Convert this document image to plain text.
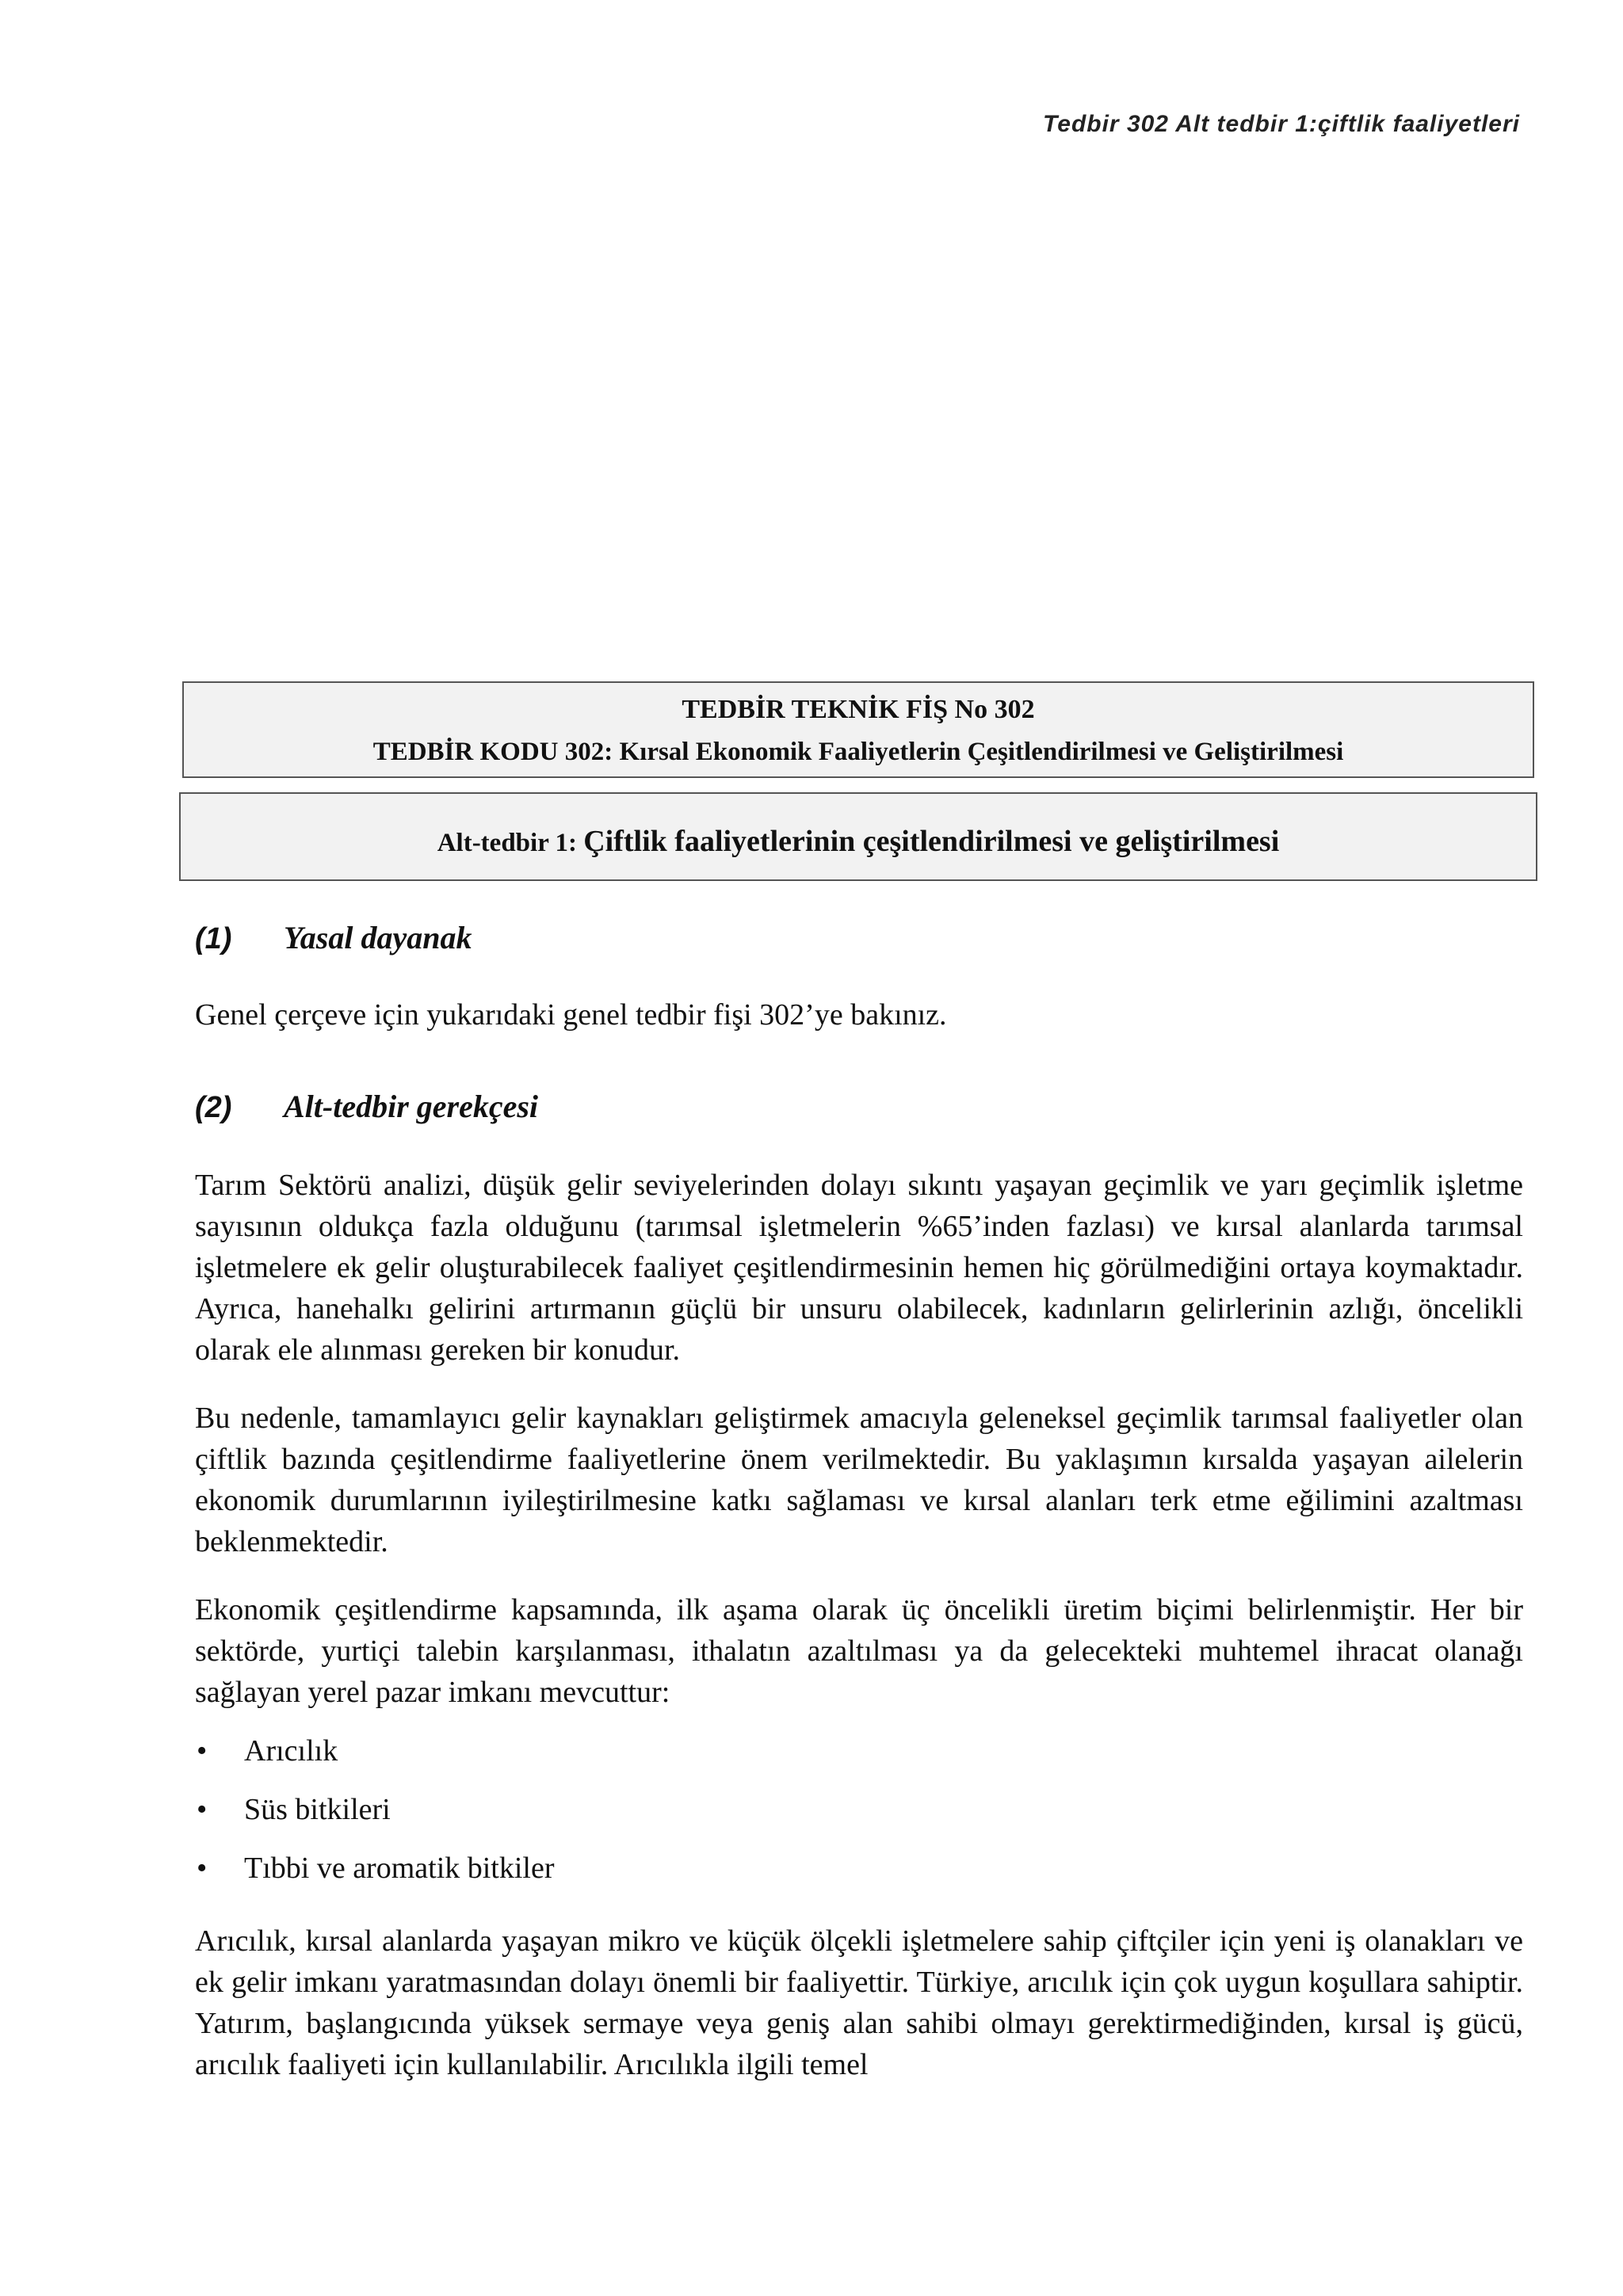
Tedbir 302 Alt tedbir 1:çiftlik faaliyetleri
TEDBİR TEKNİK FİŞ No 302
TEDBİR KODU 302: Kırsal Ekonomik Faaliyetlerin Çeşitlendirilmesi ve Geliştirilmesi
Alt-tedbir 1: Çiftlik faaliyetlerinin çeşitlendirilmesi ve geliştirilmesi
(1)	Yasal dayanak

Genel çerçeve için yukarıdaki genel tedbir fişi 302’ye bakınız.

(2)	Alt-tedbir gerekçesi

Tarım Sektörü analizi, düşük gelir seviyelerinden dolayı sıkıntı yaşayan geçimlik ve yarı geçimlik işletme sayısının oldukça fazla olduğunu (tarımsal işletmelerin %65’inden fazlası) ve kırsal alanlarda tarımsal işletmelere ek gelir oluşturabilecek faaliyet çeşitlendirmesinin hemen hiç görülmediğini ortaya koymaktadır. Ayrıca, hanehalkı gelirini artırmanın güçlü bir unsuru olabilecek, kadınların gelirlerinin azlığı, öncelikli olarak ele alınması gereken bir konudur.

Bu nedenle, tamamlayıcı gelir kaynakları geliştirmek amacıyla geleneksel geçimlik tarımsal faaliyetler olan çiftlik bazında çeşitlendirme faaliyetlerine önem verilmektedir. Bu yaklaşımın kırsalda yaşayan ailelerin ekonomik durumlarının iyileştirilmesine katkı sağlaması ve kırsal alanları terk etme eğilimini azaltması beklenmektedir.

Ekonomik çeşitlendirme kapsamında, ilk aşama olarak üç öncelikli üretim biçimi belirlenmiştir. Her bir sektörde, yurtiçi talebin karşılanması, ithalatın azaltılması ya da gelecekteki muhtemel ihracat olanağı sağlayan yerel pazar imkanı mevcuttur:

• Arıcılık
• Süs bitkileri
• Tıbbi ve aromatik bitkiler

Arıcılık, kırsal alanlarda yaşayan mikro ve küçük ölçekli işletmelere sahip çiftçiler için yeni iş olanakları ve ek gelir imkanı yaratmasından dolayı önemli bir faaliyettir. Türkiye, arıcılık için çok uygun koşullara sahiptir. Yatırım, başlangıcında yüksek sermaye veya geniş alan sahibi olmayı gerektirmediğinden, kırsal iş gücü, arıcılık faaliyeti için kullanılabilir. Arıcılıkla ilgili temel
